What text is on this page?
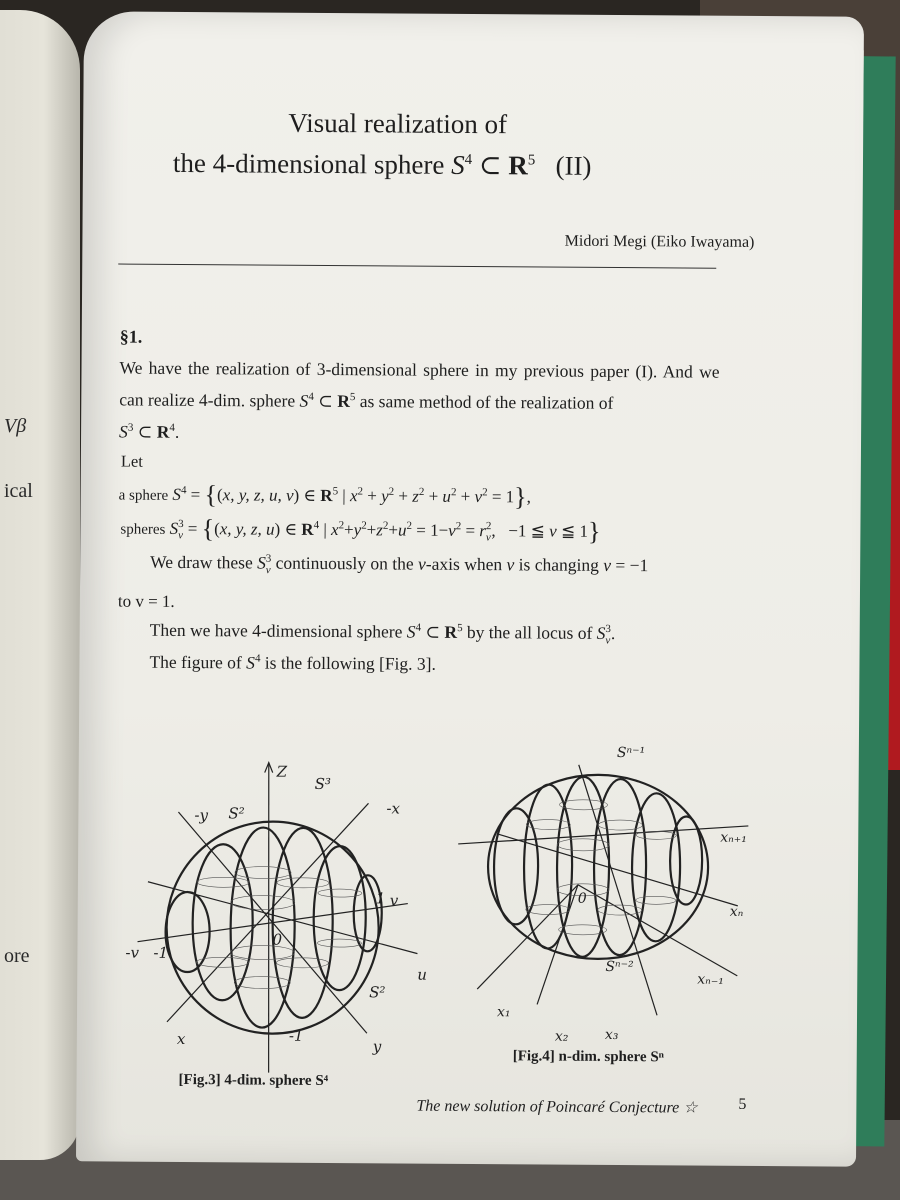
Vβ
ical
ore
Visual realization of
the 4-dimensional sphere $S^4$ ⊂ $R^5$ (II)
Midori Megi (Eiko Iwayama)
§1.
We have the realization of 3-dimensional sphere in my previous paper (I). And we can realize 4-dim. sphere $S^4$ ⊂ $R^5$ as same method of the realization of
$S^3$ ⊂ $R^4$.
Let
a sphere $S^4 = \{(x$, y, z, u, v) ∈ $R^5$ | $x^2 + y^2 + z^2 + u^2 + v^2 = 1$},
spheres $S_v^3 = \{(x$, y, z, u) ∈ $R^4$ | $x^2+y^2+z^2+u^2 = 1-v^2 = r_v^2$,   −1 ≦ v ≦ 1}
We draw these $S_v^3$ continuously on the v-axis when v is changing v = −1
to v = 1.
Then we have 4-dimensional sphere $S^4$ ⊂ $R^5$ by the all locus of $S_v^3$.
The figure of $S^4$ is the following [Fig. 3].
Z
S³
S²
-y	-x
v
1
-v -1
u
S²
x	y
-1
0
Sⁿ⁻¹
xₙ₊₁
xₙ
Sⁿ⁻²
xₙ₋₁
x₁
x₂	x₃
0
[Fig.3] 4-dim. sphere S⁴
[Fig.4] n-dim. sphere Sⁿ
The new solution of Poincaré Conjecture ☆	5
